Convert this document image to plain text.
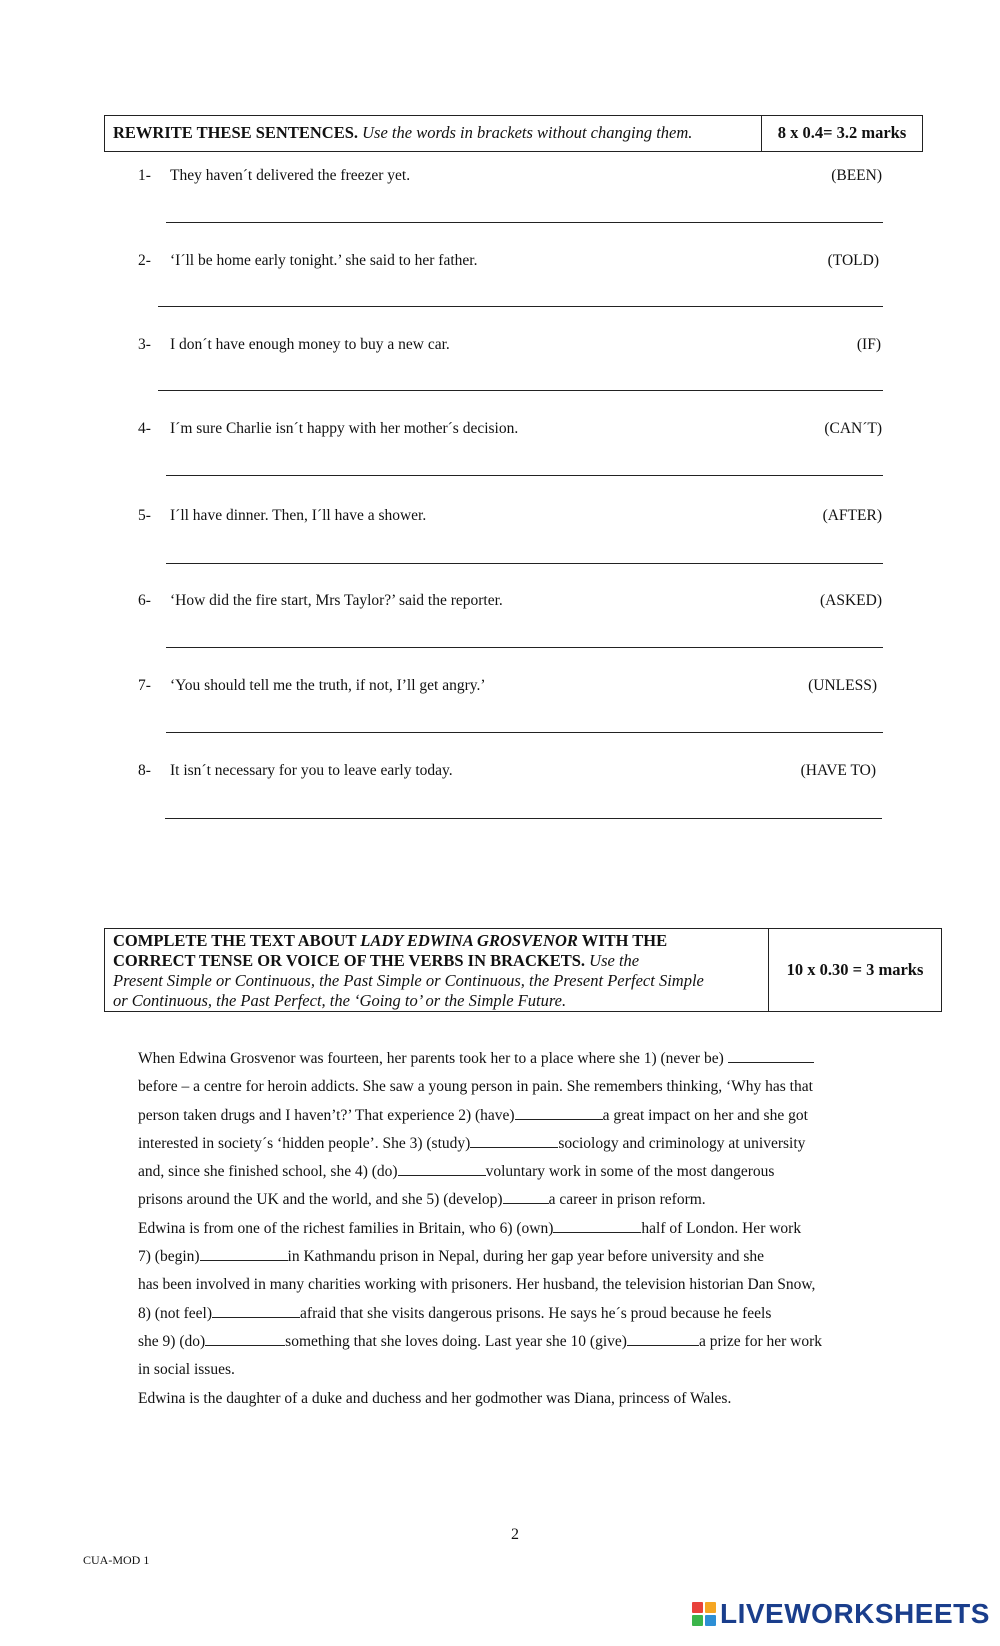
REWRITE THESE SENTENCES. Use the words in brackets without changing them.	8 x 0.4= 3.2 marks
1- They haven´t delivered the freezer yet.	(BEEN)
2- ‘I´ll be home early tonight.’ she said to her father.	(TOLD)
3- I don´t have enough money to buy a new car.	(IF)
4- I´m sure Charlie isn´t happy with her mother´s decision.	(CAN´T)
5- I´ll have dinner. Then, I´ll have a shower.	(AFTER)
6- ‘How did the fire start, Mrs Taylor?’ said the reporter.	(ASKED)
7- ‘You should tell me the truth, if not, I’ll get angry.’	(UNLESS)
8- It isn´t necessary for you to leave early today.	(HAVE TO)
COMPLETE THE TEXT ABOUT LADY EDWINA GROSVENOR WITH THE
CORRECT TENSE OR VOICE OF THE VERBS IN BRACKETS. Use the
Present Simple or Continuous, the Past Simple or Continuous, the Present Perfect Simple
or Continuous, the Past Perfect, the ‘Going to’ or the Simple Future.
10 x 0.30 = 3 marks
When Edwina Grosvenor was fourteen, her parents took her to a place where she 1) (never be)
before – a centre for heroin addicts. She saw a young person in pain. She remembers thinking, ‘Why has that
person taken drugs and I haven’t?’ That experience 2) (have)	a great impact on her and she got
interested in society´s ‘hidden people’. She 3) (study)	sociology and criminology at university
and, since she finished school, she 4) (do)	voluntary work in some of the most dangerous
prisons around the UK and the world, and she 5) (develop)	a career in prison reform.
Edwina is from one of the richest families in Britain, who 6) (own)	half of London. Her work
7) (begin)	in Kathmandu prison in Nepal, during her gap year before university and she
has been involved in many charities working with prisoners. Her husband, the television historian Dan Snow,
8) (not feel)	afraid that she visits dangerous prisons. He says he´s proud because he feels
she 9) (do)	something that she loves doing. Last year she 10 (give)	a prize for her work
in social issues.
Edwina is the daughter of a duke and duchess and her godmother was Diana, princess of Wales.
2
CUA-MOD 1
LIVEWORKSHEETS
